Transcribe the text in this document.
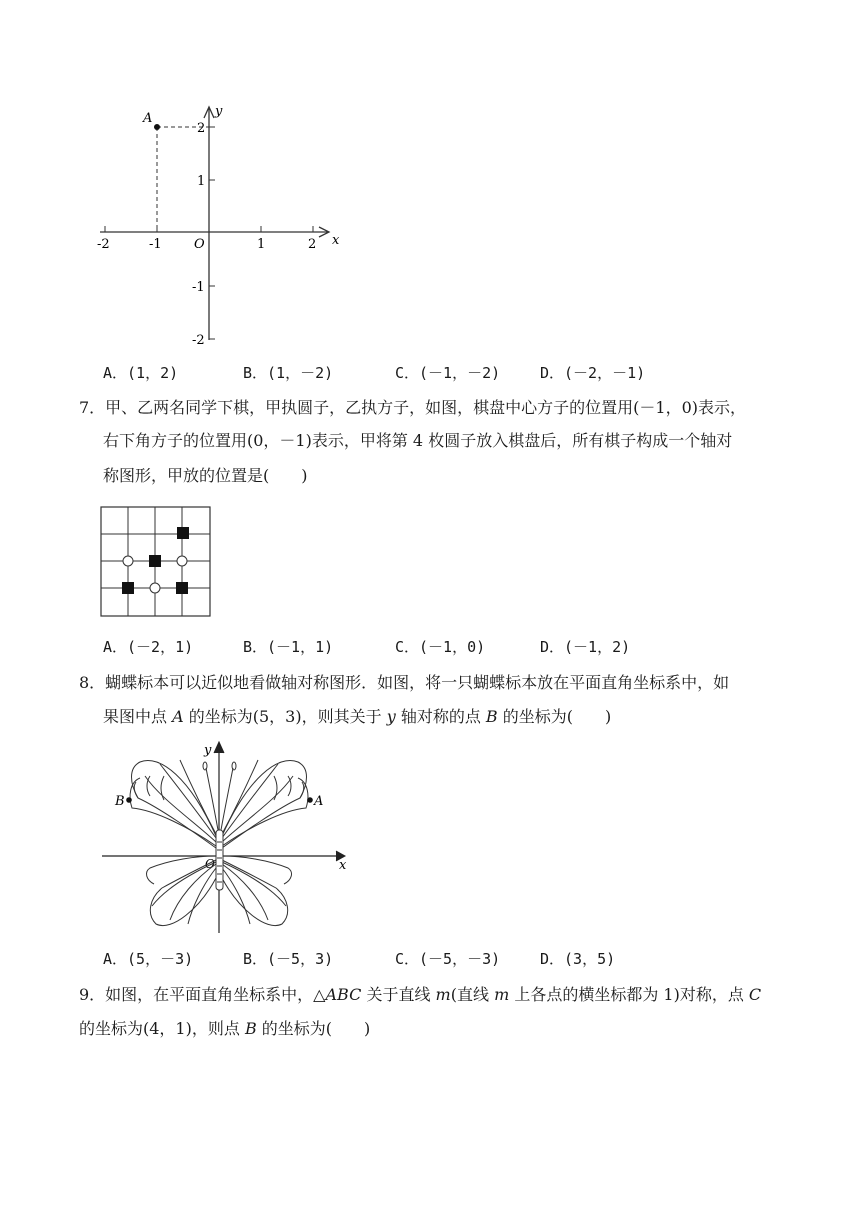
A	y
x
O
-2	-1	1	2
2
1
-1
-2
A．(1，2)	B．(1，－2)	C．(－1，－2)	D．(－2，－1)
7．甲、乙两名同学下棋，甲执圆子，乙执方子，如图，棋盘中心方子的位置用(－1，0)表示，
右下角方子的位置用(0，－1)表示，甲将第 4 枚圆子放入棋盘后，所有棋子构成一个轴对
称图形，甲放的位置是(　　)
A．(－2，1)	B．(－1，1)	C．(－1，0)	D．(－1，2)
8．蝴蝶标本可以近似地看做轴对称图形．如图，将一只蝴蝶标本放在平面直角坐标系中，如
果图中点 A 的坐标为(5，3)，则其关于 y 轴对称的点 B 的坐标为(　　)
y
x
O
B	A
A．(5，－3)	B．(－5，3)	C．(－5，－3)	D．(3，5)
9．如图，在平面直角坐标系中，△ABC 关于直线 m(直线 m 上各点的横坐标都为 1)对称，点 C
的坐标为(4，1)，则点 B 的坐标为(　　)
